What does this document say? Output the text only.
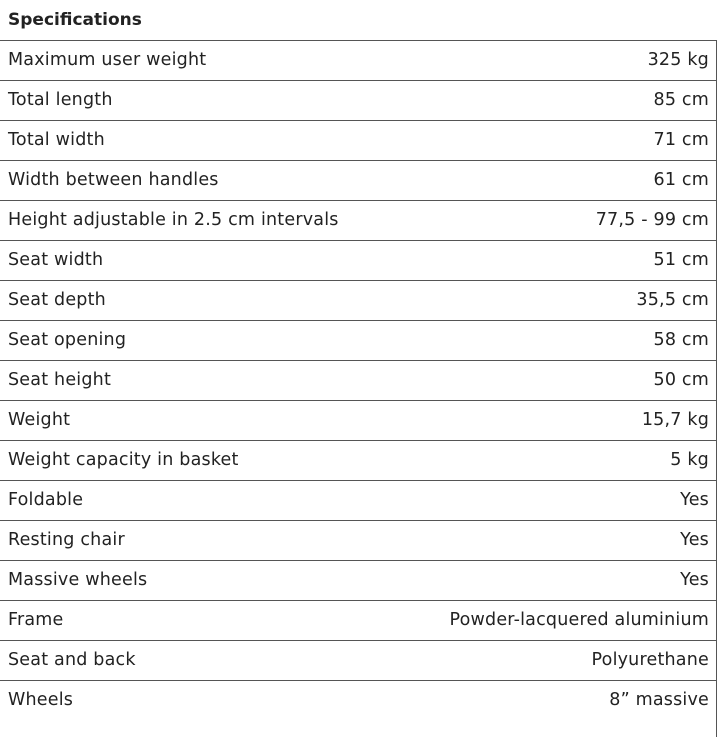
Specifications	
Maximum user weight	325 kg
Total length	85 cm
Total width	71 cm
Width between handles	61 cm
Height adjustable in 2.5 cm intervals	77,5 - 99 cm
Seat width	51 cm
Seat depth	35,5 cm
Seat opening	58 cm
Seat height	50 cm
Weight	15,7 kg
Weight capacity in basket	5 kg
Foldable	Yes
Resting chair	Yes
Massive wheels	Yes
Frame	Powder-lacquered aluminium
Seat and back	Polyurethane
Wheels	8” massive
